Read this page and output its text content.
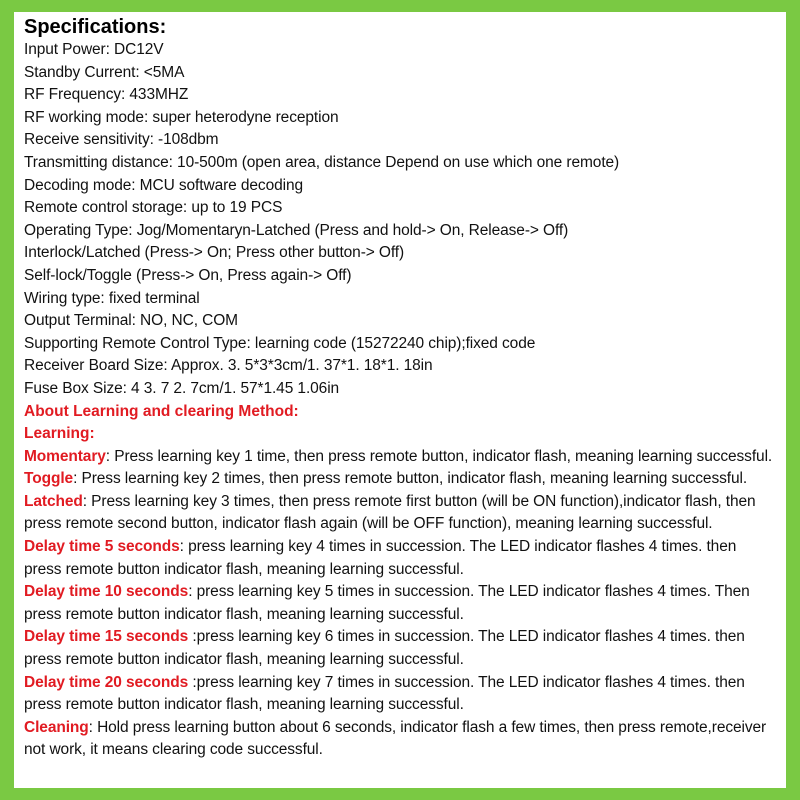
Specifications:

Input Power: DC12V

Standby Current: <5MA

RF Frequency: 433MHZ

RF working mode: super heterodyne reception

Receive sensitivity: -108dbm

Transmitting distance: 10-500m (open area, distance Depend on use which one remote)

Decoding mode: MCU software decoding

Remote control storage: up to 19 PCS

Operating Type: Jog/Momentaryn-Latched (Press and hold-> On, Release-> Off)

Interlock/Latched (Press-> On; Press other button-> Off)

Self-lock/Toggle (Press-> On, Press again-> Off)

Wiring type: fixed terminal

Output Terminal: NO, NC, COM

Supporting Remote Control Type: learning code (15272240 chip);fixed code

Receiver Board Size: Approx. 3. 5*3*3cm/1. 37*1. 18*1. 18in

Fuse Box Size: 4 3. 7 2. 7cm/1. 57*1.45 1.06in

About Learning and clearing Method:

Learning:

Momentary: Press learning key 1 time, then press remote button, indicator flash, meaning learning successful.

Toggle: Press learning key 2 times, then press remote button, indicator flash, meaning learning successful.

Latched: Press learning key 3 times, then press remote first button (will be ON function),indicator flash, then press remote second button, indicator flash again (will be OFF function), meaning learning successful.

Delay time 5 seconds: press learning key 4 times in succession. The LED indicator flashes 4 times. then press remote button indicator flash, meaning learning successful.

Delay time 10 seconds: press learning key 5 times in succession. The LED indicator flashes 4 times. Then press remote button indicator flash, meaning learning successful.

Delay time 15 seconds :press learning key 6 times in succession. The LED indicator flashes 4 times. then press remote button indicator flash, meaning learning successful.

Delay time 20 seconds :press learning key 7 times in succession. The LED indicator flashes 4 times. then press remote button indicator flash, meaning learning successful.

Cleaning: Hold press learning button about 6 seconds, indicator flash a few times, then press remote,receiver not work, it means clearing code successful.
